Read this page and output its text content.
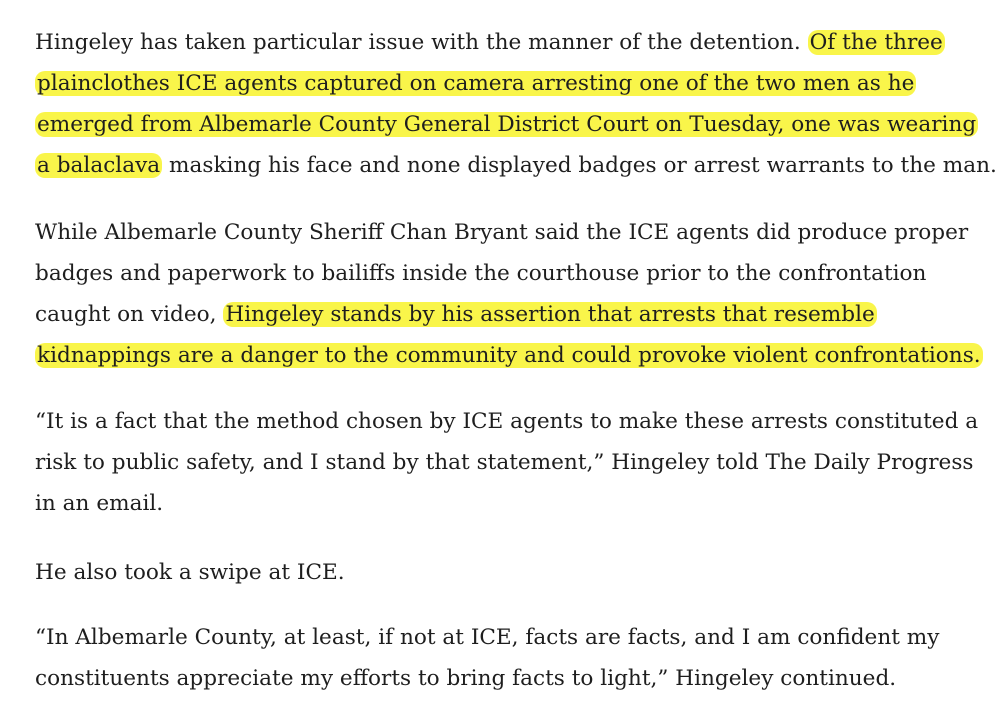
Hingeley has taken particular issue with the manner of the detention. Of the three
plainclothes ICE agents captured on camera arresting one of the two men as he
emerged from Albemarle County General District Court on Tuesday, one was wearing
a balaclava masking his face and none displayed badges or arrest warrants to the man.

While Albemarle County Sheriff Chan Bryant said the ICE agents did produce proper
badges and paperwork to bailiffs inside the courthouse prior to the confrontation
caught on video, Hingeley stands by his assertion that arrests that resemble
kidnappings are a danger to the community and could provoke violent confrontations.

“It is a fact that the method chosen by ICE agents to make these arrests constituted a
risk to public safety, and I stand by that statement,” Hingeley told The Daily Progress
in an email.

He also took a swipe at ICE.

“In Albemarle County, at least, if not at ICE, facts are facts, and I am confident my
constituents appreciate my efforts to bring facts to light,” Hingeley continued.
